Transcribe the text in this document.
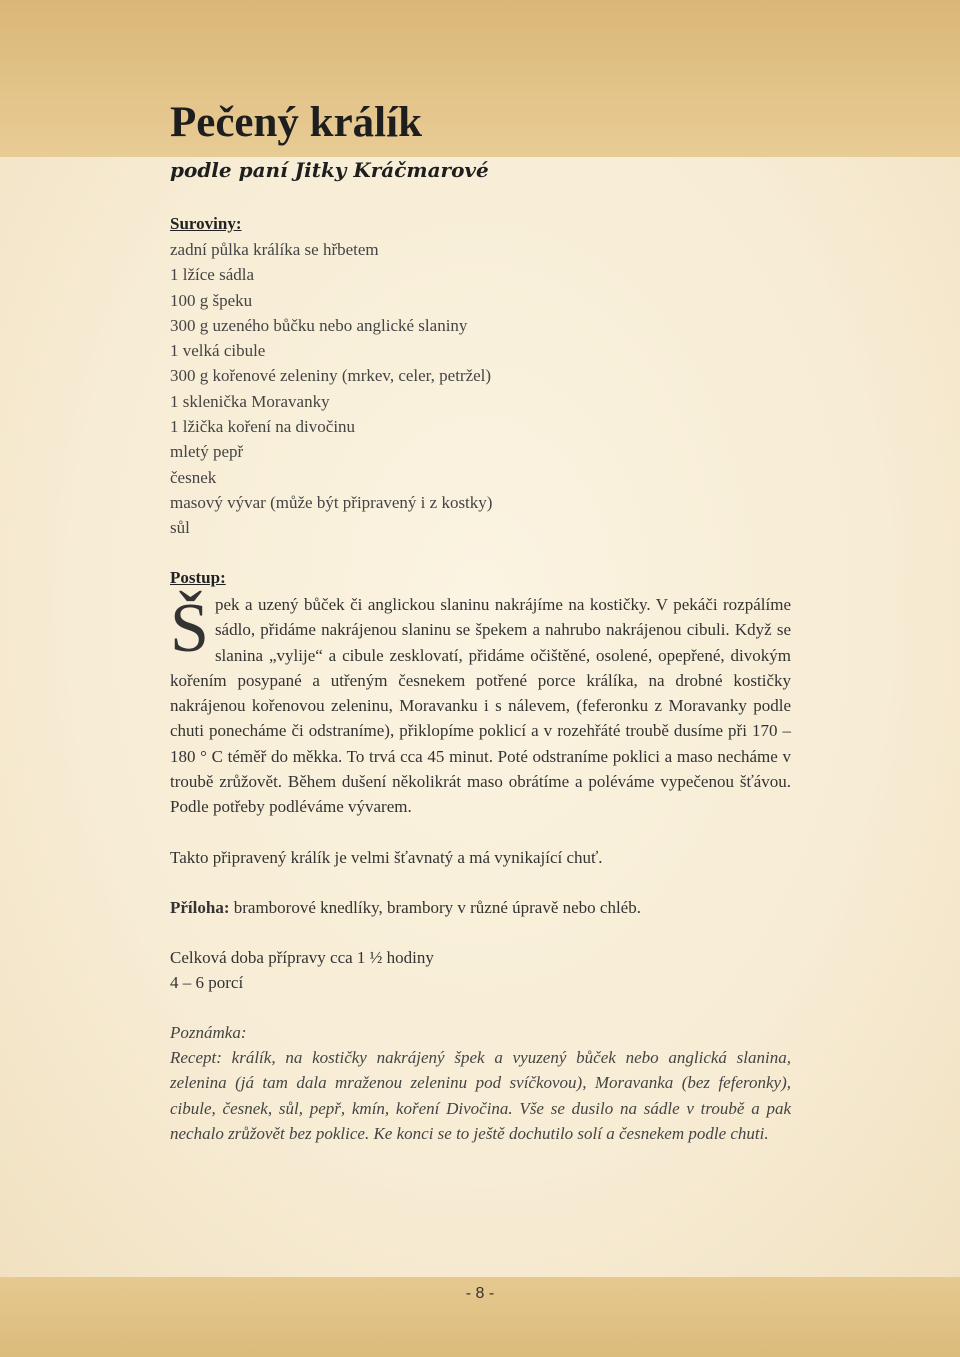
Pečený králík
podle paní Jitky Kráčmarové
Suroviny:
zadní půlka králíka se hřbetem
1 lžíce sádla
100 g špeku
300 g uzeného bůčku nebo anglické slaniny
1 velká cibule
300 g kořenové zeleniny (mrkev, celer, petržel)
1 sklenička Moravanky
1 lžička koření na divočinu
mletý pepř
česnek
masový vývar (může být připravený i z kostky)
sůl
Postup:

Špek a uzený bůček či anglickou slaninu nakrájíme na kostičky. V pekáči rozpálíme sádlo, přidáme nakrájenou slaninu se špekem a nahrubo nakrájenou cibuli. Když se slanina „vylije“ a cibule zesklovatí, přidáme očištěné, osolené, opepřené, divokým kořením posypané a utřeným česnekem potřené porce králíka, na drobné kostičky nakrájenou kořenovou zeleninu, Moravanku i s nálevem, (feferonku z Moravanky podle chuti ponecháme či odstraníme), přiklopíme poklicí a v rozehřáté troubě dusíme při 170 – 180 ° C téměř do měkka. To trvá cca 45 minut. Poté odstraníme poklici a maso necháme v troubě zrůžovět. Během dušení několikrát maso obrátíme a poléváme vypečenou šťávou. Podle potřeby podléváme vývarem.

Takto připravený králík je velmi šťavnatý a má vynikající chuť.

Příloha: bramborové knedlíky, brambory v různé úpravě nebo chléb.

Celková doba přípravy cca 1 ½ hodiny

4 – 6 porcí

Poznámka:

Recept: králík, na kostičky nakrájený špek a vyuzený bůček nebo anglická slanina, zelenina (já tam dala mraženou zeleninu pod svíčkovou), Moravanka (bez feferonky), cibule, česnek, sůl, pepř, kmín, koření Divočina. Vše se dusilo na sádle v troubě a pak nechalo zrůžovět bez poklice. Ke konci se to ještě dochutilo solí a česnekem podle chuti.

- 8 -
